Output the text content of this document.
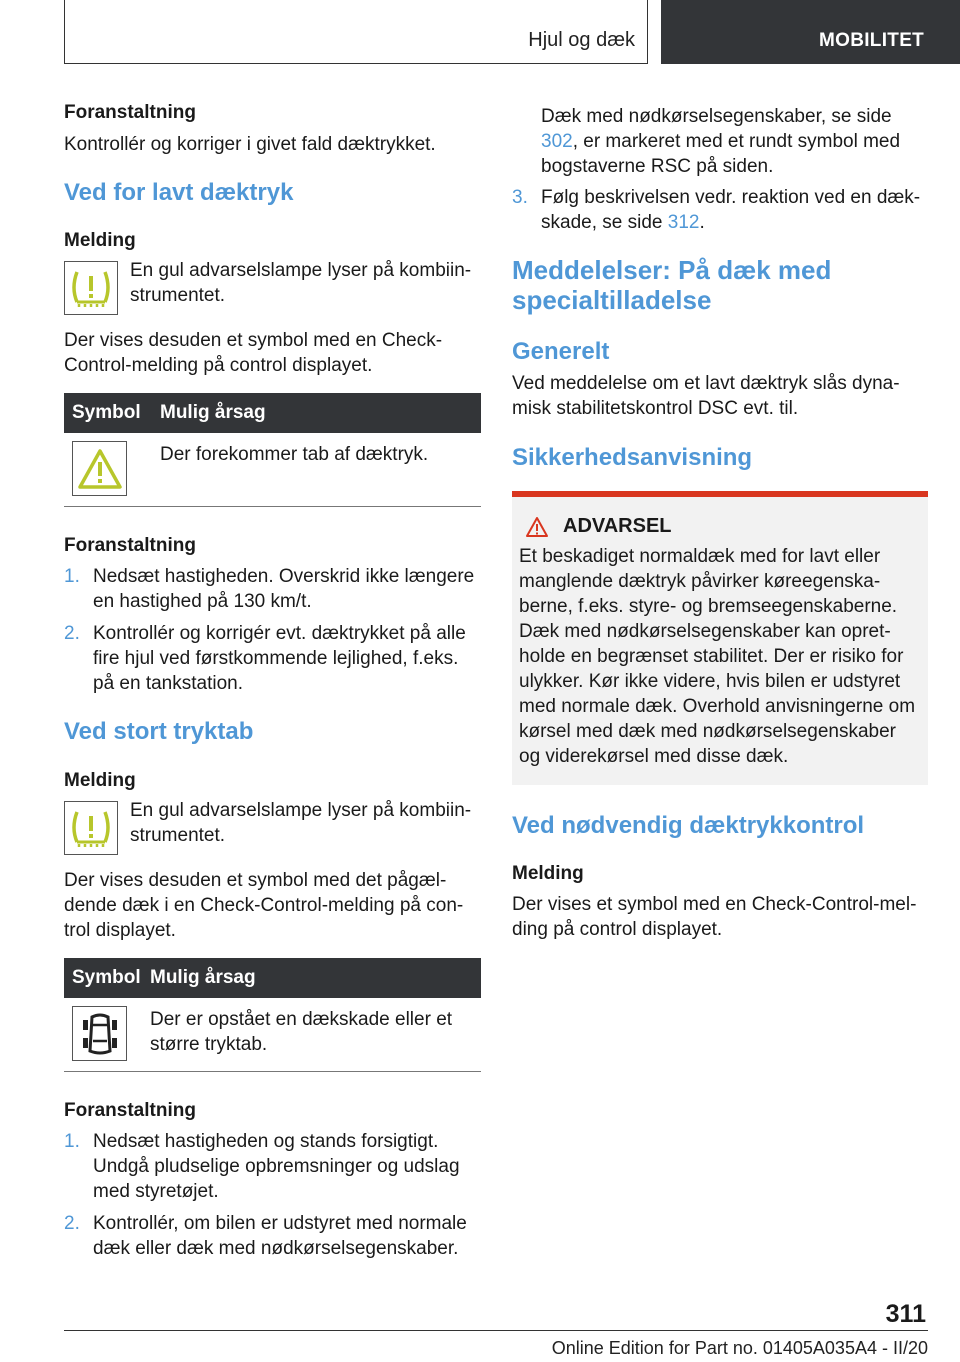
Hjul og dæk	MOBILITET

Foranstaltning

Kontrollér og korriger i givet fald dæktrykket.

Ved for lavt dæktryk

Melding

En gul advarselslampe lyser på kombiin-strumentet.

Der vises desuden et symbol med en Check-Control-melding på control displayet.

Symbol	Mulig årsag

Der forekommer tab af dæktryk.

Foranstaltning

1. Nedsæt hastigheden. Overskrid ikke længere en hastighed på 130 km/t.
2. Kontrollér og korrigér evt. dæktrykket på alle fire hjul ved førstkommende lejlighed, f.eks. på en tankstation.
Ved stort tryktab

Melding

En gul advarselslampe lyser på kombiin-strumentet.

Der vises desuden et symbol med det pågæl-dende dæk i en Check-Control-melding på con-trol displayet.

Symbol Mulig årsag

Der er opstået en dækskade eller et større tryktab.

Foranstaltning

1. Nedsæt hastigheden og stands forsigtigt. Undgå pludselige opbremsninger og udslag med styretøjet.
2. Kontrollér, om bilen er udstyret med normale dæk eller dæk med nødkørselsegenskaber.

Dæk med nødkørselsegenskaber, se side 302, er markeret med et rundt symbol med bogstaverne RSC på siden.

3. Følg beskrivelsen vedr. reaktion ved en dæk-skade, se side 312.
Meddelelser: På dæk med specialtilladelse
Generelt

Ved meddelelse om et lavt dæktryk slås dyna-misk stabilitetskontrol DSC evt. til.

Sikkerhedsanvisning
ADVARSEL

Et beskadiget normaldæk med for lavt eller manglende dæktryk påvirker køreegenska-berne, f.eks. styre- og bremseegenskaberne. Dæk med nødkørselsegenskaber kan opret-holde en begrænset stabilitet. Der er risiko for ulykker. Kør ikke videre, hvis bilen er udstyret med normale dæk. Overhold anvisningerne om kørsel med dæk med nødkørselsegenskaber og viderekørsel med disse dæk.

Ved nødvendig dæktrykkontrol

Melding

Der vises et symbol med en Check-Control-mel-ding på control displayet.

311
Online Edition for Part no. 01405A035A4 - II/20
